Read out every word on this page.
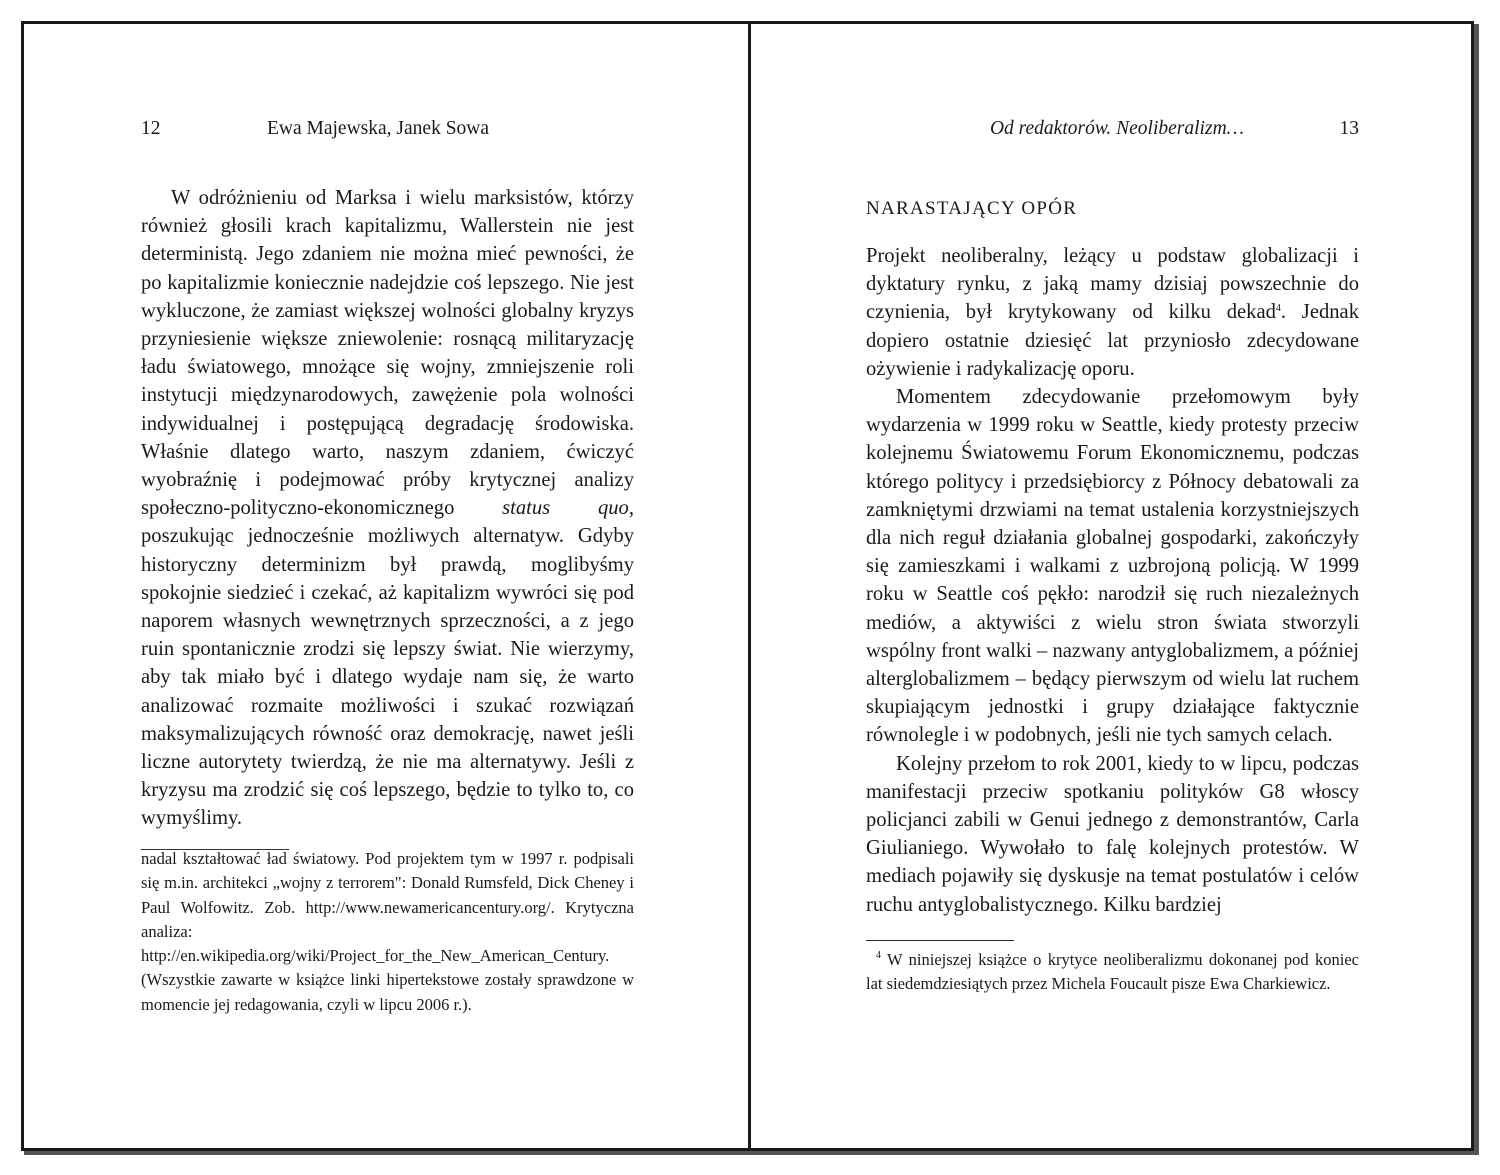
12	Ewa Majewska, Janek Sowa

W odróżnieniu od Marksa i wielu marksistów, którzy również głosili krach kapitalizmu, Wallerstein nie jest deterministą. Jego zdaniem nie można mieć pewności, że po kapitalizmie koniecznie nadejdzie coś lepszego. Nie jest wykluczone, że zamiast większej wolności globalny kryzys przyniesienie większe zniewolenie: rosnącą militaryzację ładu światowego, mnożące się wojny, zmniejszenie roli instytucji międzynarodowych, zawężenie pola wolności indywidualnej i postępującą degradację środowiska. Właśnie dlatego warto, naszym zdaniem, ćwiczyć wyobraźnię i podejmować próby krytycznej analizy społeczno-polityczno-ekonomicznego status quo, poszukując jednocześnie możliwych alternatyw. Gdyby historyczny determinizm był prawdą, moglibyśmy spokojnie siedzieć i czekać, aż kapitalizm wywróci się pod naporem własnych wewnętrznych sprzeczności, a z jego ruin spontanicznie zrodzi się lepszy świat. Nie wierzymy, aby tak miało być i dlatego wydaje nam się, że warto analizować rozmaite możliwości i szukać rozwiązań maksymalizujących równość oraz demokrację, nawet jeśli liczne autorytety twierdzą, że nie ma alternatywy. Jeśli z kryzysu ma zrodzić się coś lepszego, będzie to tylko to, co wymyślimy.

nadal kształtować ład światowy. Pod projektem tym w 1997 r. podpisali się m.in. architekci „wojny z terrorem": Donald Rumsfeld, Dick Cheney i Paul Wolfowitz. Zob. http://www.newamericancentury.org/. Krytyczna analiza: http://en.wikipedia.org/wiki/Project_for_the_New_American_Century. (Wszystkie zawarte w książce linki hipertekstowe zostały sprawdzone w momencie jej redagowania, czyli w lipcu 2006 r.).

Od redaktorów. Neoliberalizm…	13
NARASTAJĄCY OPÓR

Projekt neoliberalny, leżący u podstaw globalizacji i dyktatury rynku, z jaką mamy dzisiaj powszechnie do czynienia, był krytykowany od kilku dekad$^4$. Jednak dopiero ostatnie dziesięć lat przyniosło zdecydowane ożywienie i radykalizację oporu.

Momentem zdecydowanie przełomowym były wydarzenia w 1999 roku w Seattle, kiedy protesty przeciw kolejnemu Światowemu Forum Ekonomicznemu, podczas którego politycy i przedsiębiorcy z Północy debatowali za zamkniętymi drzwiami na temat ustalenia korzystniejszych dla nich reguł działania globalnej gospodarki, zakończyły się zamieszkami i walkami z uzbrojoną policją. W 1999 roku w Seattle coś pękło: narodził się ruch niezależnych mediów, a aktywiści z wielu stron świata stworzyli wspólny front walki – nazwany antyglobalizmem, a później alterglobalizmem – będący pierwszym od wielu lat ruchem skupiającym jednostki i grupy działające faktycznie równolegle i w podobnych, jeśli nie tych samych celach.

Kolejny przełom to rok 2001, kiedy to w lipcu, podczas manifestacji przeciw spotkaniu polityków G8 włoscy policjanci zabili w Genui jednego z demonstrantów, Carla Giulianiego. Wywołało to falę kolejnych protestów. W mediach pojawiły się dyskusje na temat postulatów i celów ruchu antyglobalistycznego. Kilku bardziej

$^4$ W niniejszej książce o krytyce neoliberalizmu dokonanej pod koniec lat siedemdziesiątych przez Michela Foucault pisze Ewa Charkiewicz.
